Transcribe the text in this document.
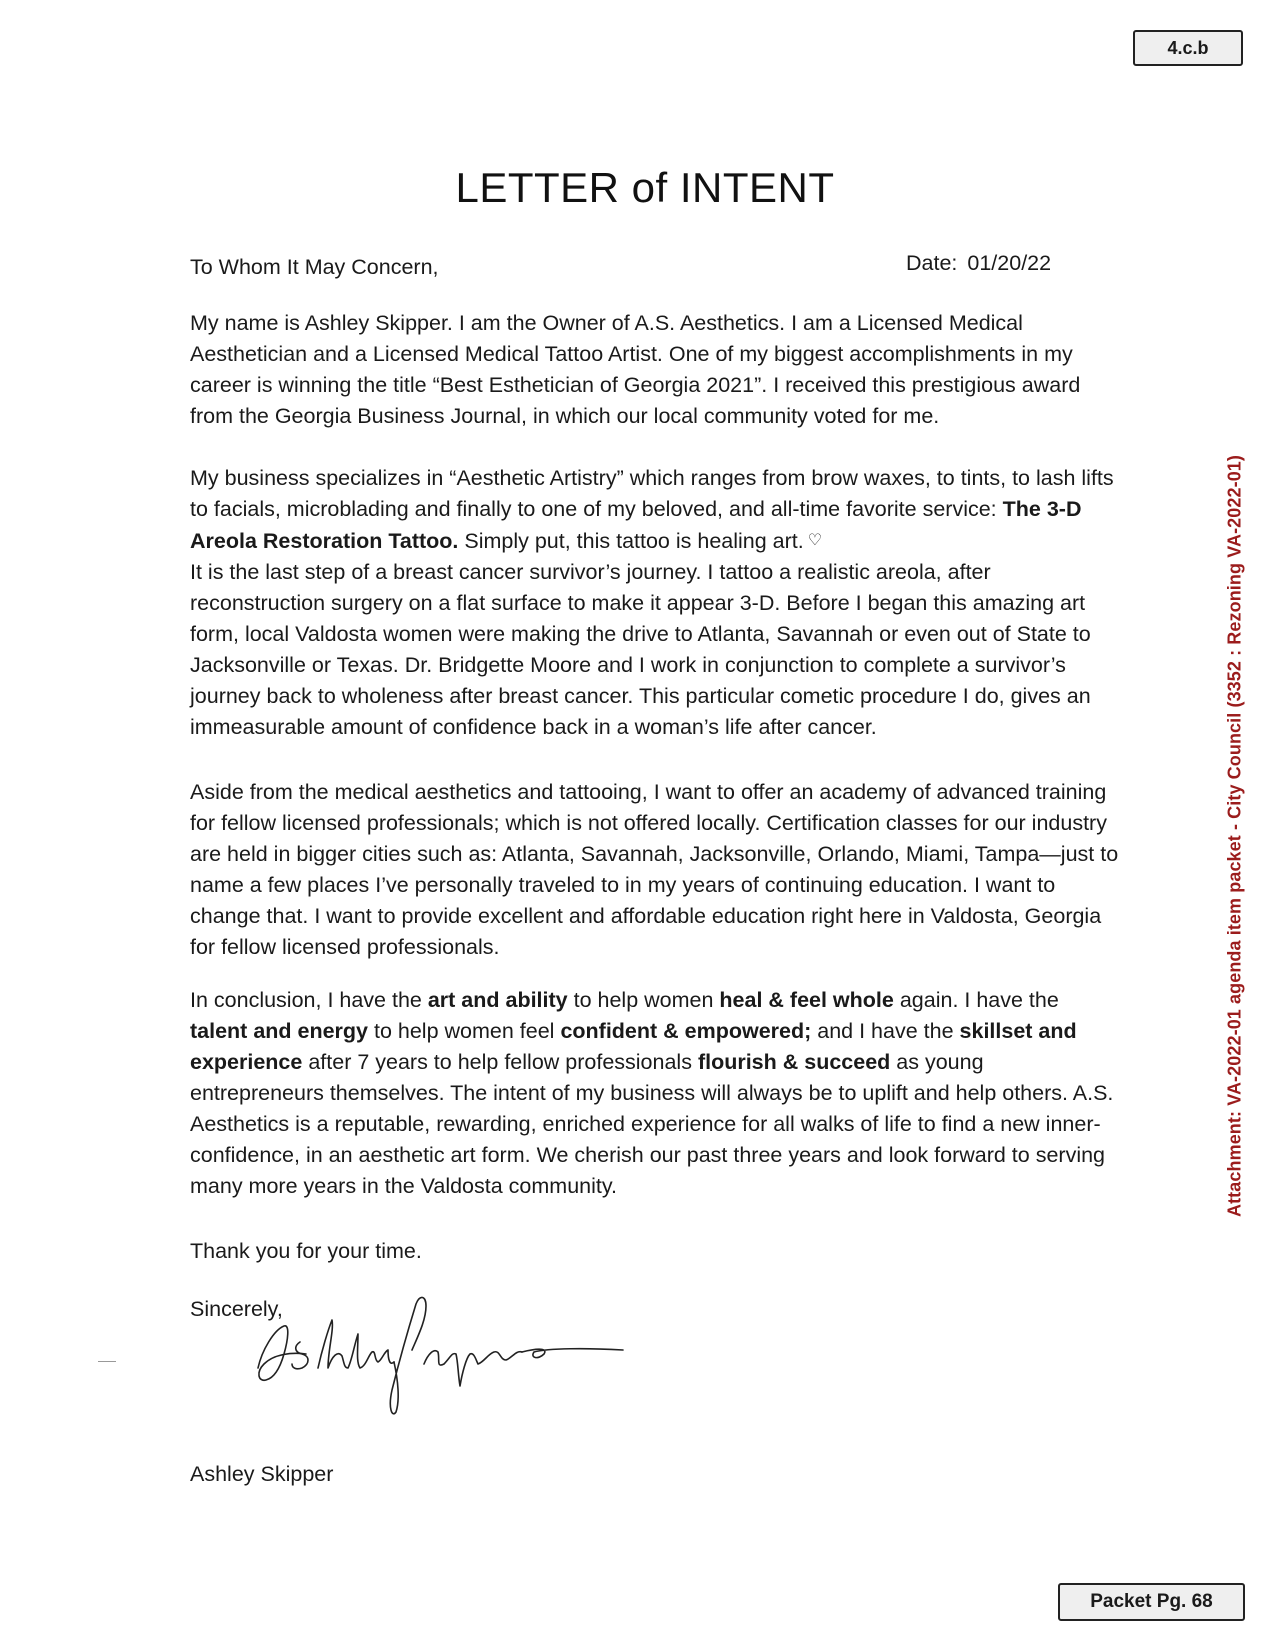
4.c.b
Attachment: VA-2022-01 agenda item packet - City Council (3352 : Rezoning VA-2022-01)
LETTER of INTENT
To Whom It May Concern,	Date: 01/20/22

My name is Ashley Skipper. I am the Owner of A.S. Aesthetics. I am a Licensed Medical Aesthetician and a Licensed Medical Tattoo Artist. One of my biggest accomplishments in my career is winning the title “Best Esthetician of Georgia 2021”. I received this prestigious award from the Georgia Business Journal, in which our local community voted for me.

My business specializes in “Aesthetic Artistry” which ranges from brow waxes, to tints, to lash lifts to facials, microblading and finally to one of my beloved, and all-time favorite service: The 3-D Areola Restoration Tattoo. Simply put, this tattoo is healing art. ♡
It is the last step of a breast cancer survivor’s journey. I tattoo a realistic areola, after reconstruction surgery on a flat surface to make it appear 3-D. Before I began this amazing art form, local Valdosta women were making the drive to Atlanta, Savannah or even out of State to Jacksonville or Texas. Dr. Bridgette Moore and I work in conjunction to complete a survivor’s journey back to wholeness after breast cancer. This particular cometic procedure I do, gives an immeasurable amount of confidence back in a woman’s life after cancer.

Aside from the medical aesthetics and tattooing, I want to offer an academy of advanced training for fellow licensed professionals; which is not offered locally. Certification classes for our industry are held in bigger cities such as: Atlanta, Savannah, Jacksonville, Orlando, Miami, Tampa—just to name a few places I’ve personally traveled to in my years of continuing education. I want to change that. I want to provide excellent and affordable education right here in Valdosta, Georgia for fellow licensed professionals.

In conclusion, I have the art and ability to help women heal & feel whole again. I have the talent and energy to help women feel confident & empowered; and I have the skillset and experience after 7 years to help fellow professionals flourish & succeed as young entrepreneurs themselves. The intent of my business will always be to uplift and help others. A.S. Aesthetics is a reputable, rewarding, enriched experience for all walks of life to find a new inner-confidence, in an aesthetic art form. We cherish our past three years and look forward to serving many more years in the Valdosta community.

Thank you for your time.
Sincerely,
Ashley Skipper
Packet Pg. 68
